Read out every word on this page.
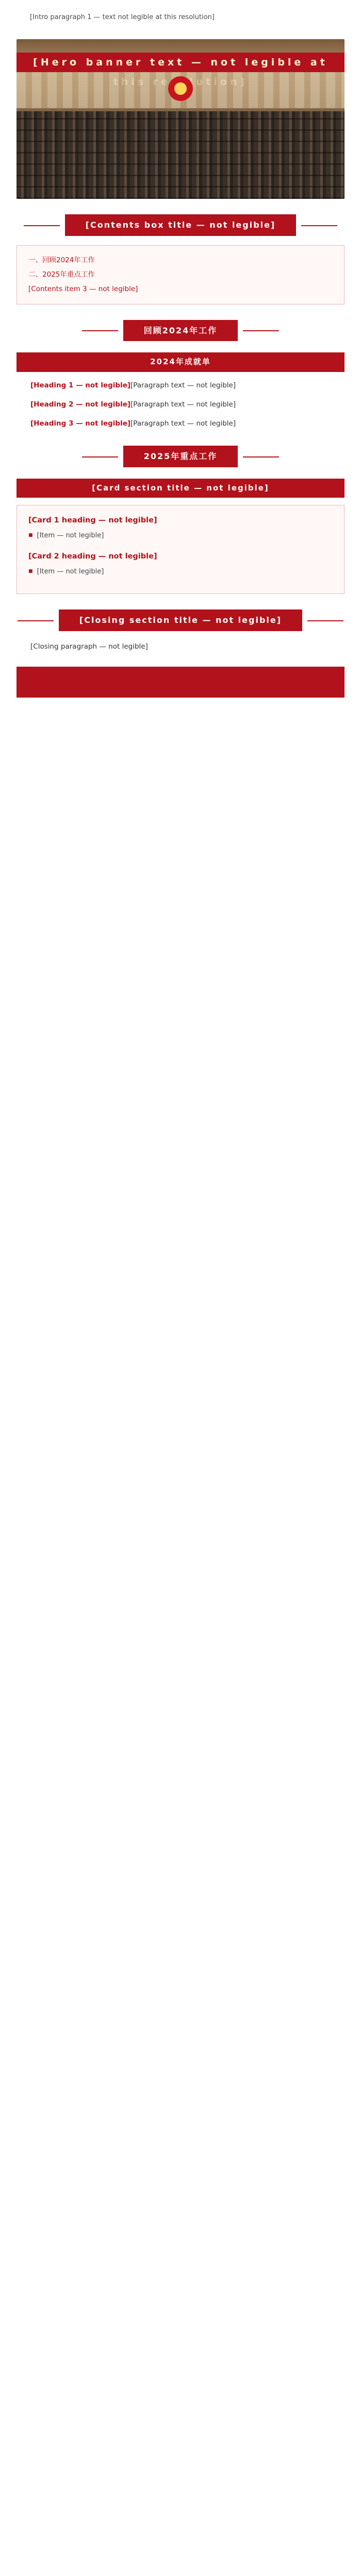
[Intro paragraph 1 — text not legible at this resolution]

[Hero banner text — not legible at
[Contents box title — not legible]
一、回顾2024年工作
二、2025年重点工作
[Contents item 3 — not legible]
回顾2024年工作
2024年成就单

[Heading 1 — not legible][Paragraph text — not legible]

[Heading 2 — not legible][Paragraph text — not legible]

[Heading 3 — not legible][Paragraph text — not legible]

2025年重点工作
[Card section title — not legible]
[Card 1 heading — not legible]
■ [Item — not legible]
[Card 2 heading — not legible]
■ [Item — not legible]
[Closing section title — not legible]

[Closing paragraph — not legible]
